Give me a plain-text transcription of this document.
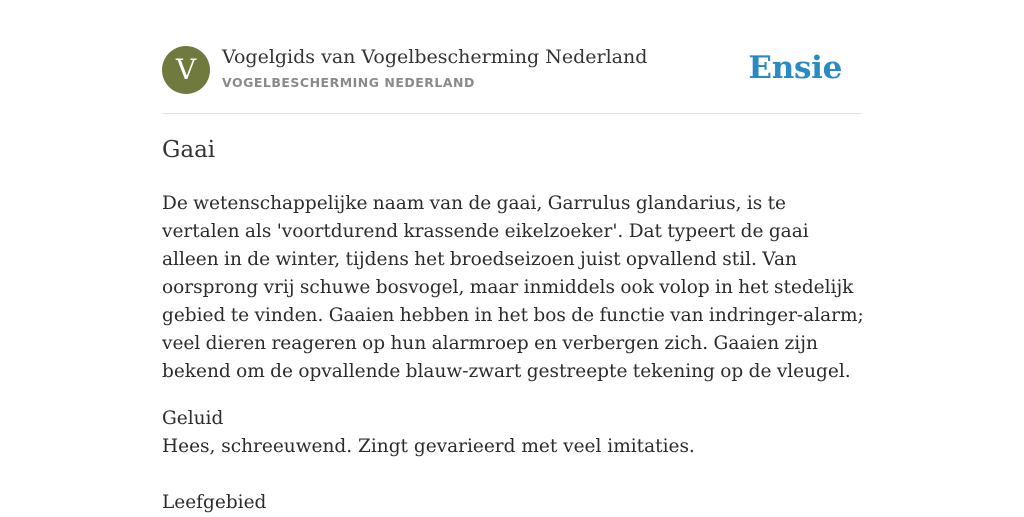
V	Vogelgids van Vogelbescherming Nederland
VOGELBESCHERMING NEDERLAND	Ensie
Gaai

De wetenschappelijke naam van de gaai, Garrulus glandarius, is te vertalen als 'voortdurend krassende eikelzoeker'. Dat typeert de gaai alleen in de winter, tijdens het broedseizoen juist opvallend stil. Van oorsprong vrij schuwe bosvogel, maar inmiddels ook volop in het stedelijk gebied te vinden. Gaaien hebben in het bos de functie van indringer-alarm; veel dieren reageren op hun alarmroep en verbergen zich. Gaaien zijn bekend om de opvallende blauw-zwart gestreepte tekening op de vleugel.

Geluid
Hees, schreeuwend. Zingt gevarieerd met veel imitaties.
Leefgebied
